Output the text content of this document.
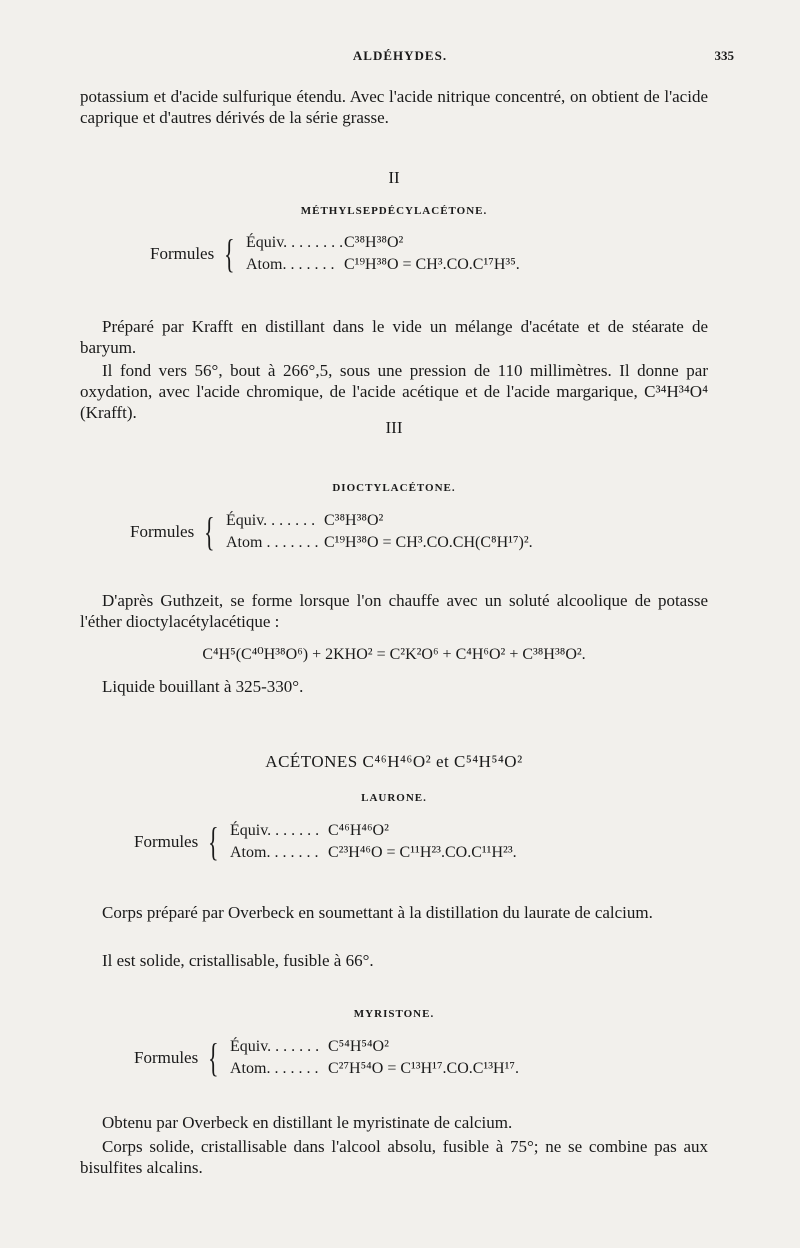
ALDÉHYDES.	335

potassium et d'acide sulfurique étendu. Avec l'acide nitrique concentré, on obtient de l'acide caprique et d'autres dérivés de la série grasse.

II

MÉTHYLSEPDÉCYLACÉTONE.

Formules { Équiv. . . . . . . . C³⁸H³⁸O²
Atom. . . . . . . C¹⁹H³⁸O = CH³.CO.C¹⁷H³⁵.

Préparé par Krafft en distillant dans le vide un mélange d'acétate et de stéarate de baryum.

Il fond vers 56°, bout à 266°,5, sous une pression de 110 millimètres. Il donne par oxydation, avec l'acide chromique, de l'acide acétique et de l'acide margarique, C³⁴H³⁴O⁴ (Krafft).

III

DIOCTYLACÉTONE.

Formules { Équiv. . . . . . . C³⁸H³⁸O²
Atom . . . . . . . C¹⁹H³⁸O = CH³.CO.CH(C⁸H¹⁷)².

D'après Guthzeit, se forme lorsque l'on chauffe avec un soluté alcoolique de potasse l'éther dioctylacétylacétique :

C⁴H⁵(C⁴⁰H³⁸O⁶) + 2KHO² = C²K²O⁶ + C⁴H⁶O² + C³⁸H³⁸O².

Liquide bouillant à 325-330°.

ACÉTONES C⁴⁶H⁴⁶O² et C⁵⁴H⁵⁴O²

LAURONE.

Formules { Équiv. . . . . . . C⁴⁶H⁴⁶O²
Atom. . . . . . . C²³H⁴⁶O = C¹¹H²³.CO.C¹¹H²³.

Corps préparé par Overbeck en soumettant à la distillation du laurate de calcium.

Il est solide, cristallisable, fusible à 66°.

MYRISTONE.

Formules { Équiv. . . . . . . C⁵⁴H⁵⁴O²
Atom. . . . . . . C²⁷H⁵⁴O = C¹³H¹⁷.CO.C¹³H¹⁷.

Obtenu par Overbeck en distillant le myristinate de calcium.

Corps solide, cristallisable dans l'alcool absolu, fusible à 75°; ne se combine pas aux bisulfites alcalins.
